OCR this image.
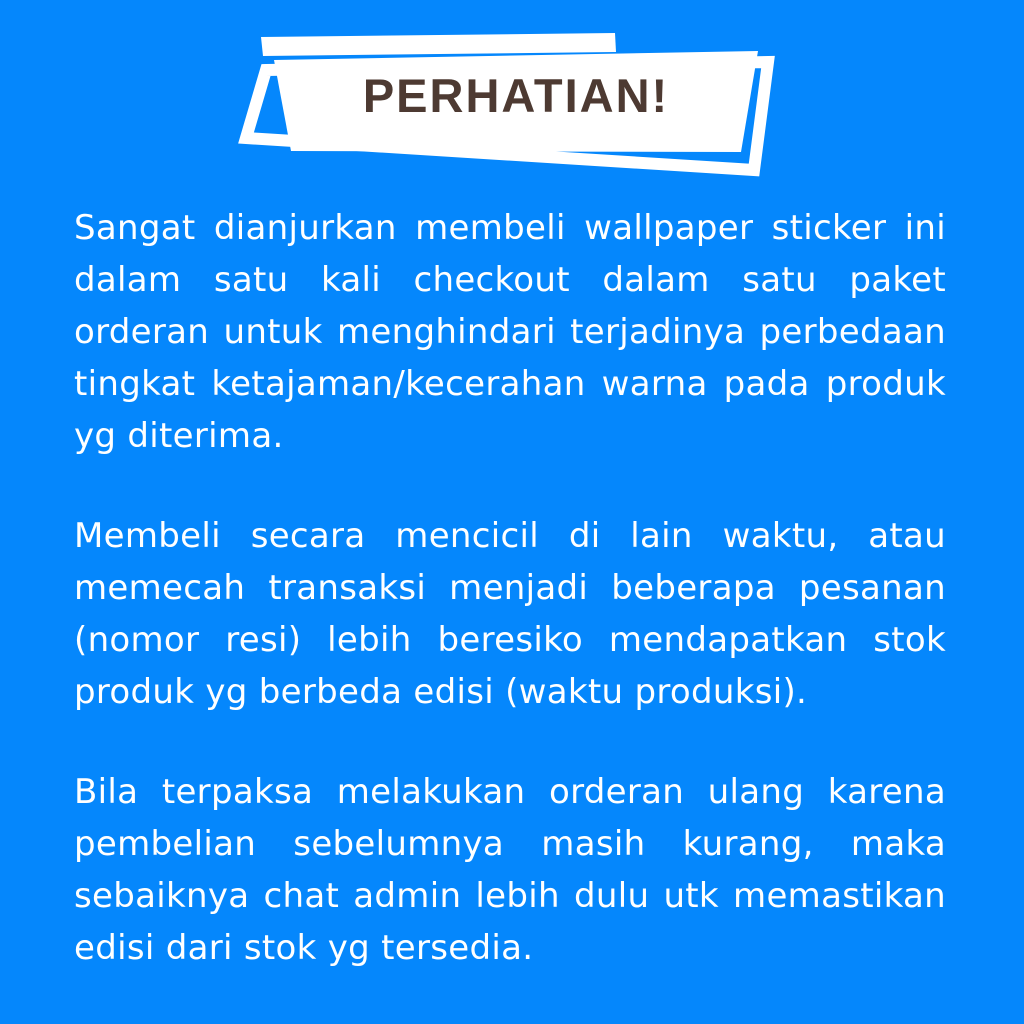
PERHATIAN!

Sangat dianjurkan membeli wallpaper sticker ini dalam satu kali checkout dalam satu paket orderan untuk menghindari terjadinya perbedaan tingkat ketajaman/kecerahan warna pada produk yg diterima.

Membeli secara mencicil di lain waktu, atau memecah transaksi menjadi beberapa pesanan (nomor resi) lebih beresiko mendapatkan stok produk yg berbeda edisi (waktu produksi).

Bila terpaksa melakukan orderan ulang karena pembelian sebelumnya masih kurang, maka sebaiknya chat admin lebih dulu utk memastikan edisi dari stok yg tersedia.
